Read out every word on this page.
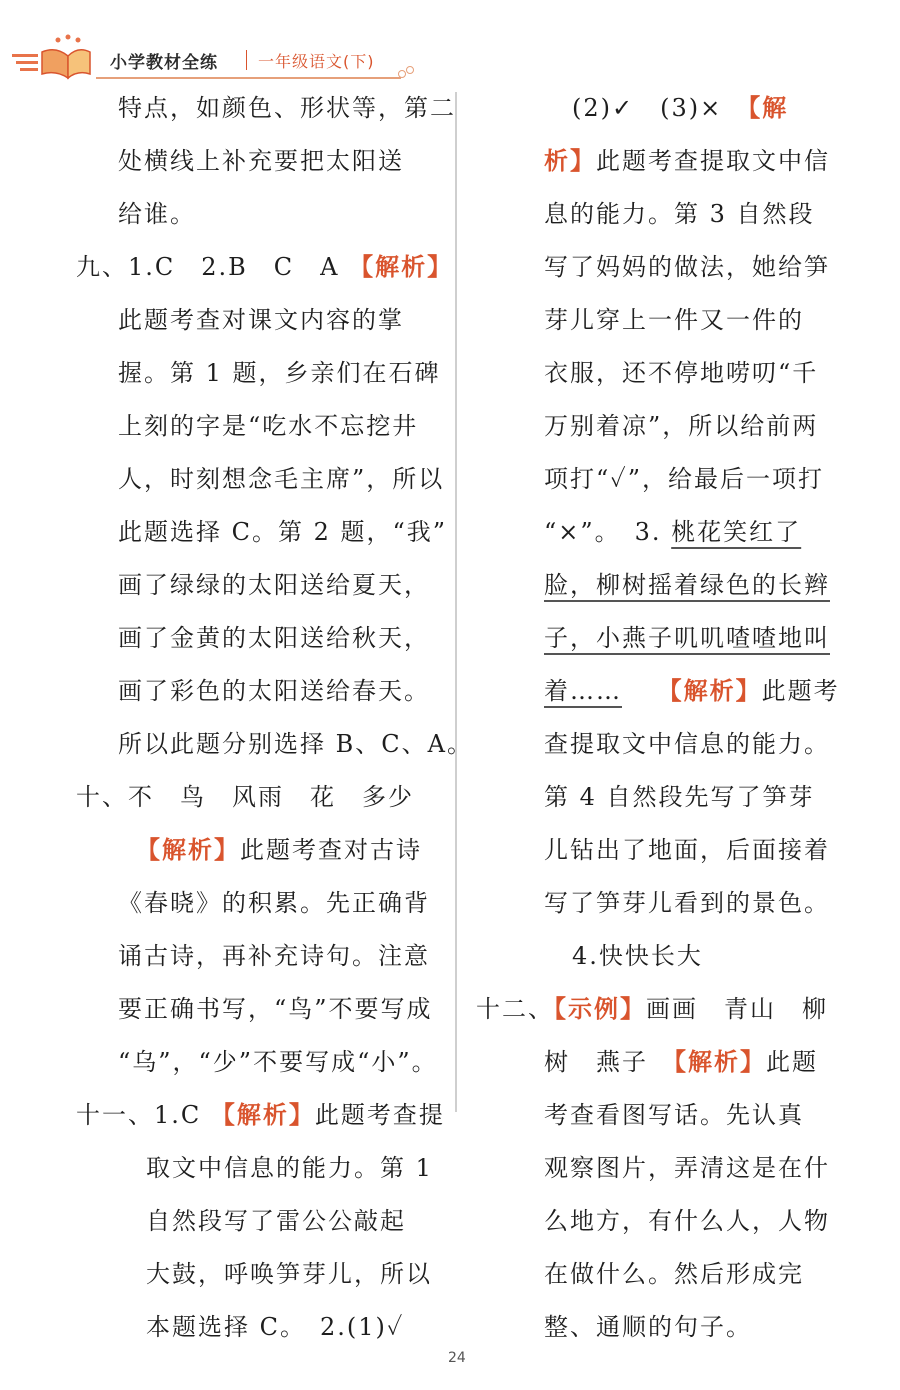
小学教材全练	一年级语文(下)
特点，如颜色、形状等，第二
处横线上补充要把太阳送
给谁。
九、1.C　2.B　C　A 【解析】
此题考查对课文内容的掌
握。第 1 题，乡亲们在石碑
上刻的字是“吃水不忘挖井
人，时刻想念毛主席”，所以
此题选择 C。第 2 题，“我”
画了绿绿的太阳送给夏天，
画了金黄的太阳送给秋天，
画了彩色的太阳送给春天。
所以此题分别选择 B、C、A。
十、不　鸟　风雨　花　多少
【解析】此题考查对古诗
《春晓》的积累。先正确背
诵古诗，再补充诗句。注意
要正确书写，“鸟”不要写成
“乌”，“少”不要写成“小”。
十一、1.C 【解析】此题考查提
取文中信息的能力。第 1
自然段写了雷公公敲起
大鼓，呼唤笋芽儿，所以
本题选择 C。　2.(1)✓
(2)✓　(3)×　 【解
析】此题考查提取文中信
息的能力。第 3 自然段
写了妈妈的做法，她给笋
芽儿穿上一件又一件的
衣服，还不停地唠叨“千
万别着凉”，所以给前两
项打“✓”，给最后一项打
“×”。　3. 桃花笑红了
脸，柳树摇着绿色的长辫
子，小燕子叽叽喳喳地叫
着……　 【解析】此题考
查提取文中信息的能力。
第 4 自然段先写了笋芽
儿钻出了地面，后面接着
写了笋芽儿看到的景色。
4.快快长大
十二、【示例】画画　青山　柳
树　燕子　 【解析】此题
考查看图写话。先认真
观察图片，弄清这是在什
么地方，有什么人，人物
在做什么。然后形成完
整、通顺的句子。
24
